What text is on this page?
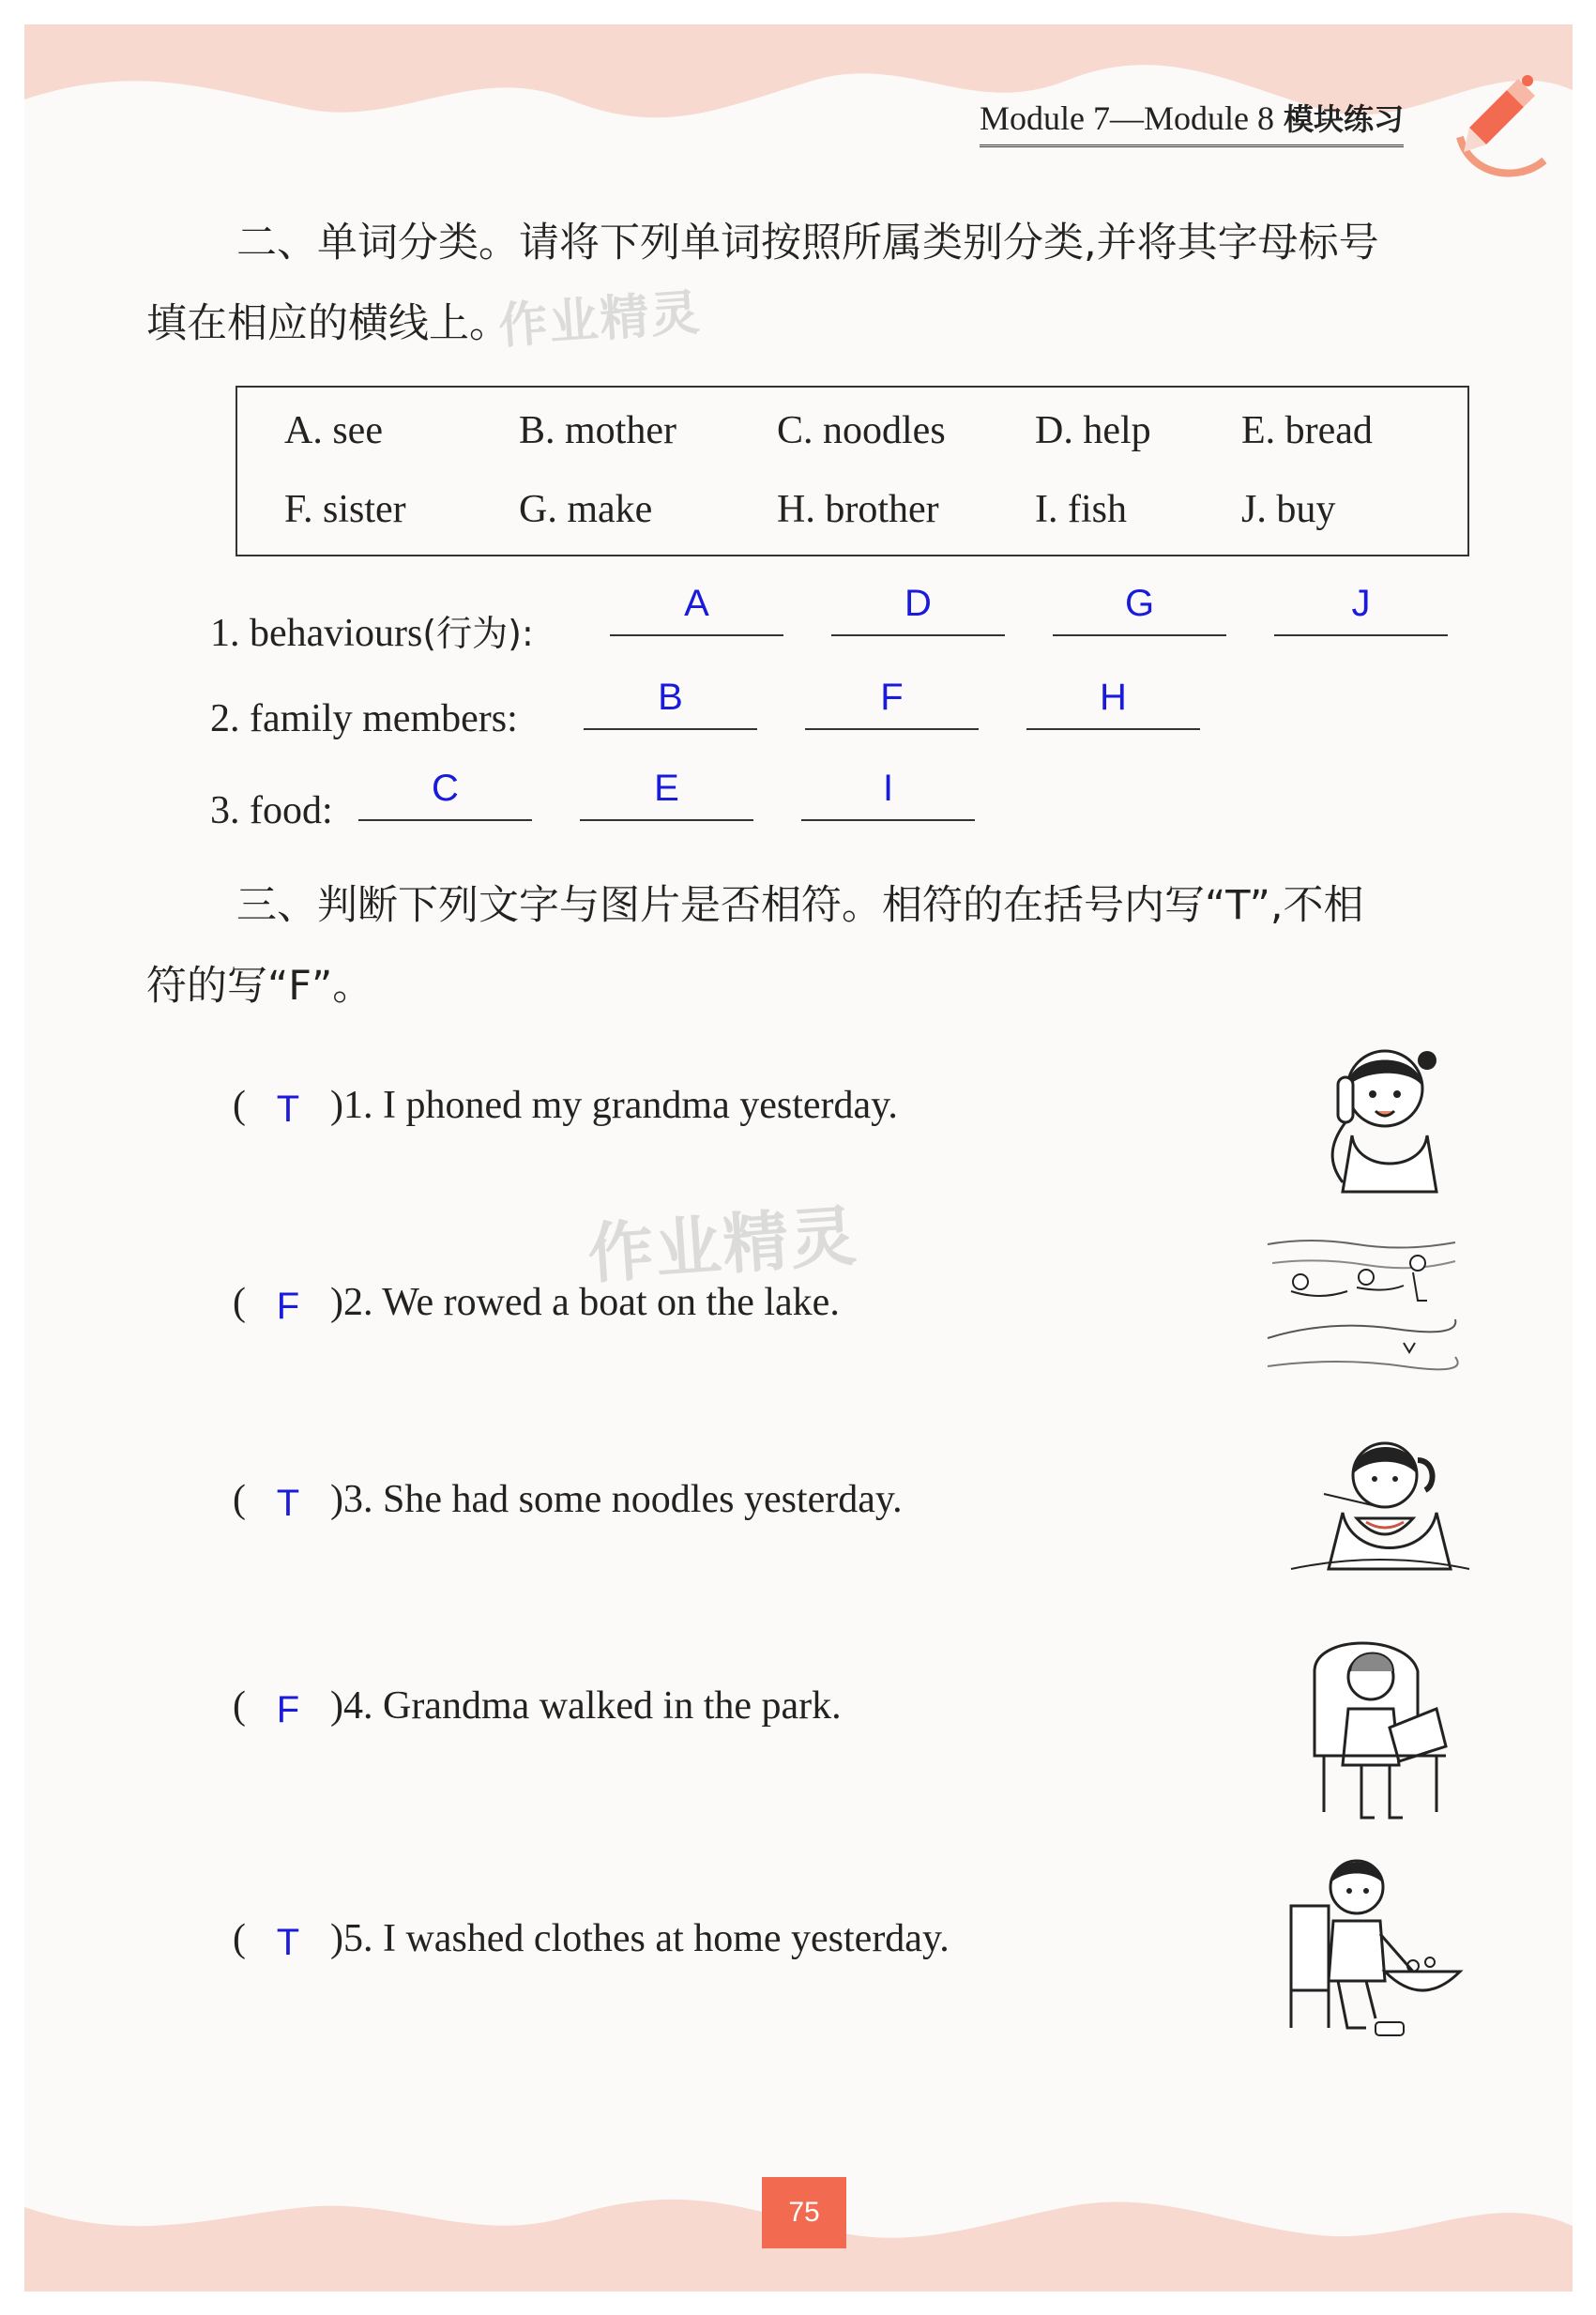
Module 7—Module 8 模块练习
二、单词分类。请将下列单词按照所属类别分类,并将其字母标号
填在相应的横线上。
作业精灵
A. see	B. mother	C. noodles D. help E. bread
F. sister	G. make	H. brother I. fish	J. buy
1. behaviours(行为):
A	D	G	J
2. family members:	B	F	H
3. food:
C	E	I
三、判断下列文字与图片是否相符。相符的在括号内写“T”,不相
符的写“F”。
作业精灵
( T )1. I phoned my grandma yesterday.
( F )2. We rowed a boat on the lake.
( T )3. She had some noodles yesterday.
( F )4. Grandma walked in the park.
( T )5. I washed clothes at home yesterday.
75
